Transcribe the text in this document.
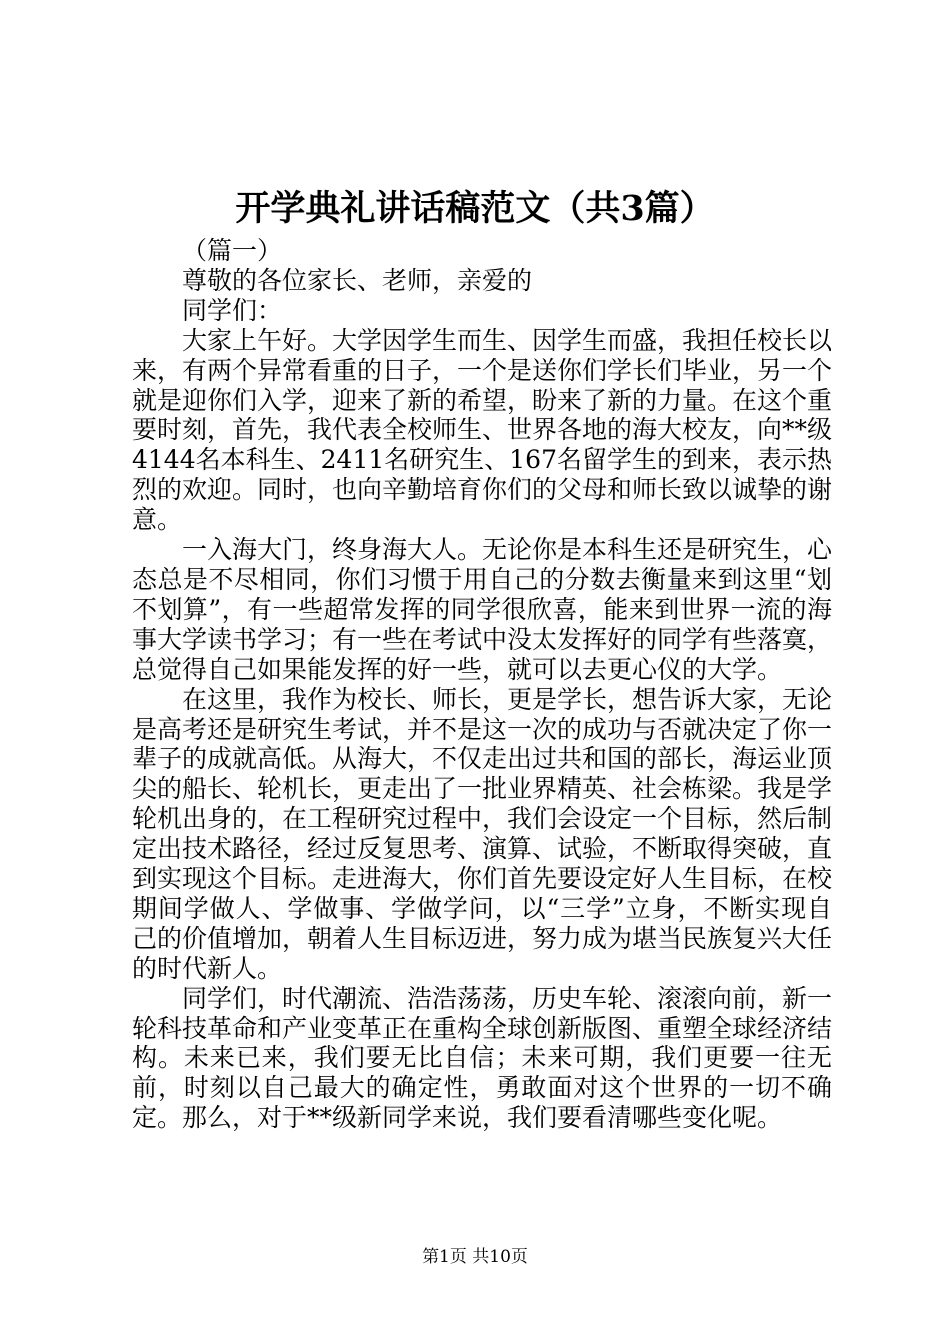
开学典礼讲话稿范文（共3篇）

（篇一）

尊敬的各位家长、老师，亲爱的

同学们：

大家上午好。大学因学生而生、因学生而盛，我担任校长以来，有两个异常看重的日子，一个是送你们学长们毕业，另一个就是迎你们入学，迎来了新的希望，盼来了新的力量。在这个重要时刻，首先，我代表全校师生、世界各地的海大校友，向**级4144名本科生、2411名研究生、167名留学生的到来，表示热烈的欢迎。同时，也向辛勤培育你们的父母和师长致以诚挚的谢意。

一入海大门，终身海大人。无论你是本科生还是研究生，心态总是不尽相同，你们习惯于用自己的分数去衡量来到这里“划不划算”，有一些超常发挥的同学很欣喜，能来到世界一流的海事大学读书学习；有一些在考试中没太发挥好的同学有些落寞，总觉得自己如果能发挥的好一些，就可以去更心仪的大学。

在这里，我作为校长、师长，更是学长，想告诉大家，无论是高考还是研究生考试，并不是这一次的成功与否就决定了你一辈子的成就高低。从海大，不仅走出过共和国的部长，海运业顶尖的船长、轮机长，更走出了一批业界精英、社会栋梁。我是学轮机出身的，在工程研究过程中，我们会设定一个目标，然后制定出技术路径，经过反复思考、演算、试验，不断取得突破，直到实现这个目标。走进海大，你们首先要设定好人生目标，在校期间学做人、学做事、学做学问，以“三学”立身，不断实现自己的价值增加，朝着人生目标迈进，努力成为堪当民族复兴大任的时代新人。

同学们，时代潮流、浩浩荡荡，历史车轮、滚滚向前，新一轮科技革命和产业变革正在重构全球创新版图、重塑全球经济结构。未来已来，我们要无比自信；未来可期，我们更要一往无前，时刻以自己最大的确定性，勇敢面对这个世界的一切不确定。那么，对于**级新同学来说，我们要看清哪些变化呢。

第1页 共10页
